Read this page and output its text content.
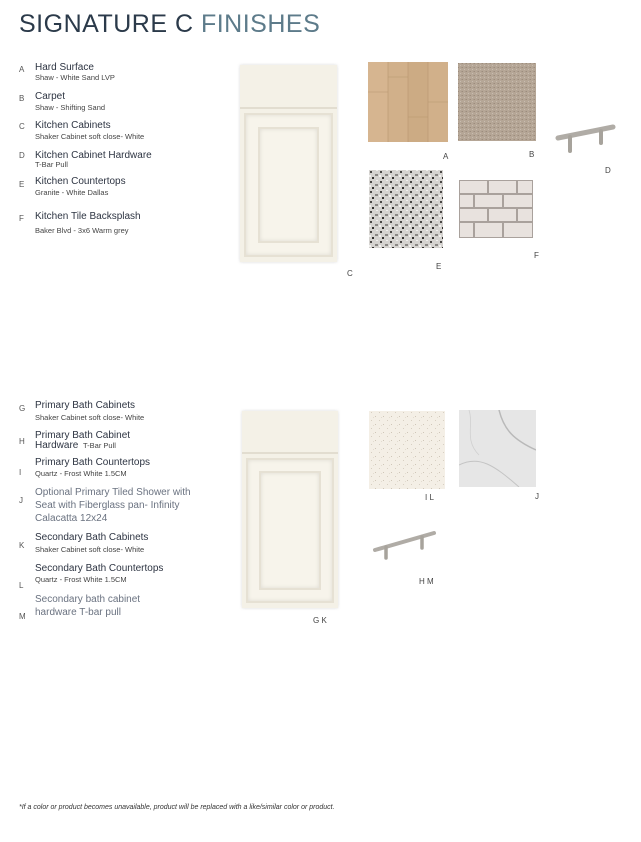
SIGNATURE C FINISHES
A Hard Surface
Shaw - White Sand LVP
B Carpet
Shaw - Shifting Sand
C Kitchen Cabinets
Shaker Cabinet soft close- White
D Kitchen Cabinet Hardware
T-Bar Pull
E Kitchen Countertops
Granite - White Dallas
F Kitchen Tile Backsplash
Baker Blvd - 3x6 Warm grey
G Primary Bath Cabinets
Shaker Cabinet soft close- White
H
Primary Bath Cabinet Hardware T-Bar Pull
I
Primary Bath Countertops
Quartz - Frost White 1.5CM
J
Optional Primary Tiled Shower with Seat with Fiberglass pan- Infinity Calacatta 12x24
K
Secondary Bath Cabinets
Shaker Cabinet soft close- White
L
Secondary Bath Countertops
Quartz - Frost White 1.5CM
M
Secondary bath cabinet hardware T-bar pull
C
A	B
D
E
F
G K
I L	J
H M
*If a color or product becomes unavailable, product will be replaced with a like/similar color or product.
